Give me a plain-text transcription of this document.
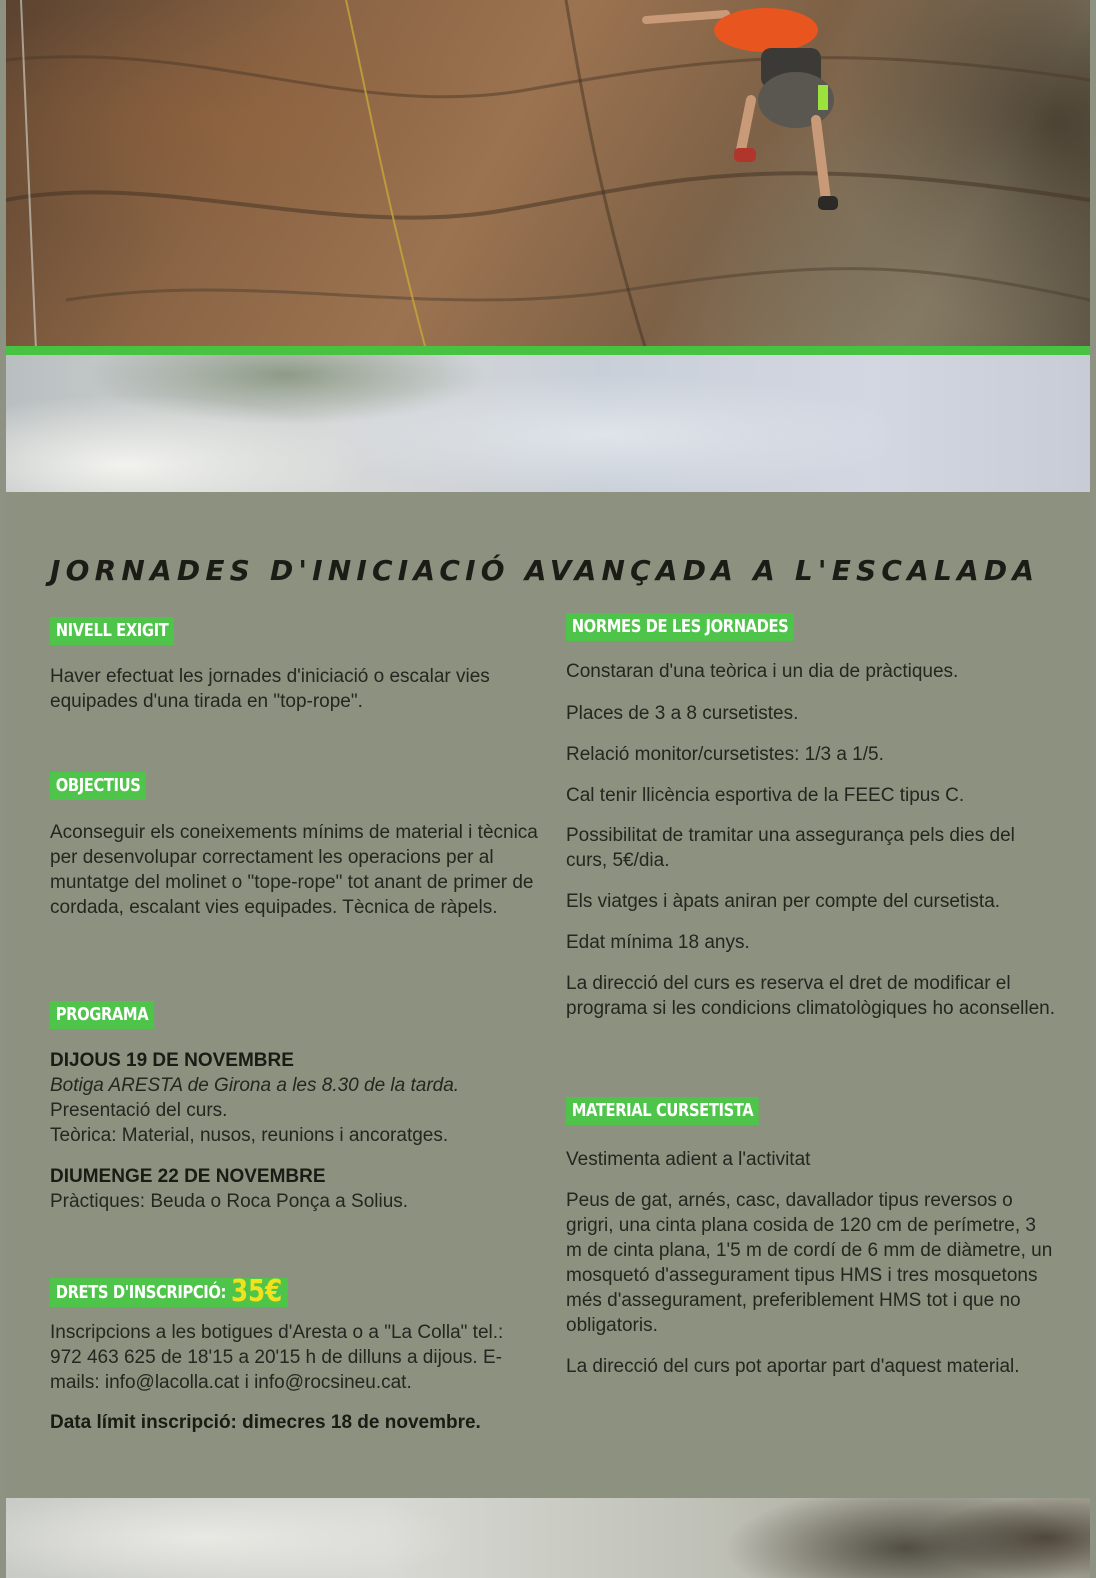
JORNADES D'INICIACIÓ AVANÇADA A L'ESCALADA
NIVELL EXIGIT

Haver efectuat les jornades d'iniciació o escalar vies equipades d'una tirada en "top-rope".

OBJECTIUS

Aconseguir els coneixements mínims de material i tècnica per desenvolupar correctament les operacions per al muntatge del molinet o "tope-rope" tot anant de primer de cordada, escalant vies equipades. Tècnica de ràpels.

PROGRAMA

DIJOUS 19 DE NOVEMBRE

Botiga ARESTA de Girona a les 8.30 de la tarda.

Presentació del curs.

Teòrica: Material, nusos, reunions i ancoratges.

DIUMENGE 22 DE NOVEMBRE

Pràctiques: Beuda o Roca Ponça a Solius.

DRETS D'INSCRIPCIÓ: 35€

Inscripcions a les botigues d'Aresta o a "La Colla" tel.: 972 463 625 de 18'15 a 20'15 h de dilluns a dijous. E-mails: info@lacolla.cat i info@rocsineu.cat.

Data límit inscripció: dimecres 18 de novembre.

NORMES DE LES JORNADES

Constaran d'una teòrica i un dia de pràctiques.

Places de 3 a 8 cursetistes.

Relació monitor/cursetistes: 1/3 a 1/5.

Cal tenir llicència esportiva de la FEEC tipus C.

Possibilitat de tramitar una assegurança pels dies del curs, 5€/dia.

Els viatges i àpats aniran per compte del cursetista.

Edat mínima 18 anys.

La direcció del curs es reserva el dret de modificar el programa si les condicions climatològiques ho aconsellen.

MATERIAL CURSETISTA

Vestimenta adient a l'activitat

Peus de gat, arnés, casc, davallador tipus reversos o grigri, una cinta plana cosida de 120 cm de perímetre, 3 m de cinta plana, 1'5 m de cordí de 6 mm de diàmetre, un mosquetó d'assegurament tipus HMS i tres mosquetons més d'assegurament, preferiblement HMS tot i que no obligatoris.

La direcció del curs pot aportar part d'aquest material.
